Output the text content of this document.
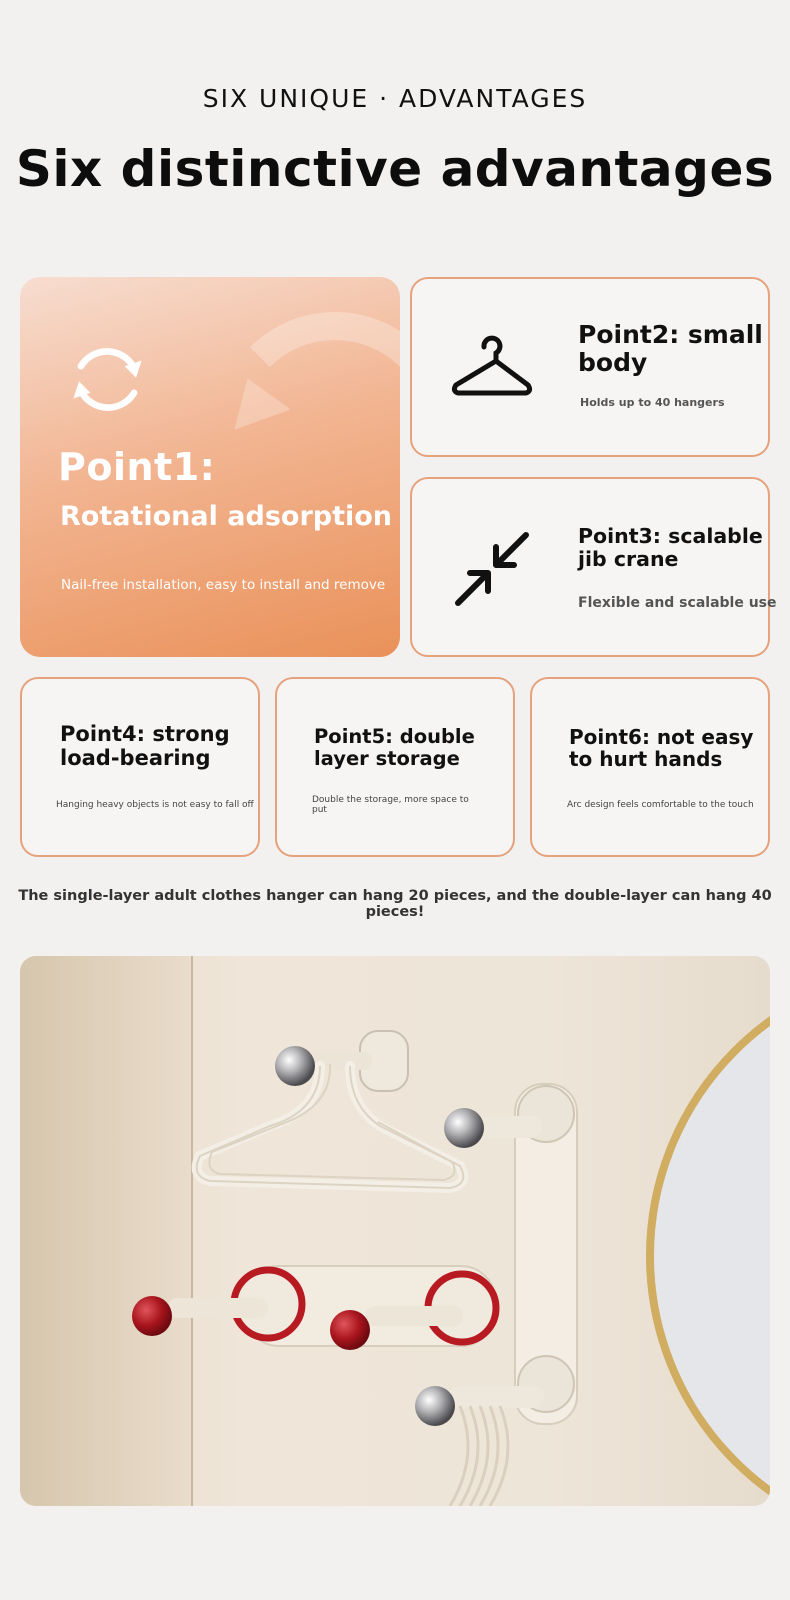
SIX UNIQUE · ADVANTAGES
Six distinctive advantages
Point1:
Rotational adsorption
Nail-free installation, easy to install and remove
Point2: small body
Holds up to 40 hangers
Point3: scalable jib crane
Flexible and scalable use
Point4: strong load-bearing
Hanging heavy objects is not easy to fall off
Point5: double layer storage
Double the storage, more space to put
Point6: not easy to hurt hands
Arc design feels comfortable to the touch
The single-layer adult clothes hanger can hang 20 pieces, and the double-layer can hang 40 pieces!
